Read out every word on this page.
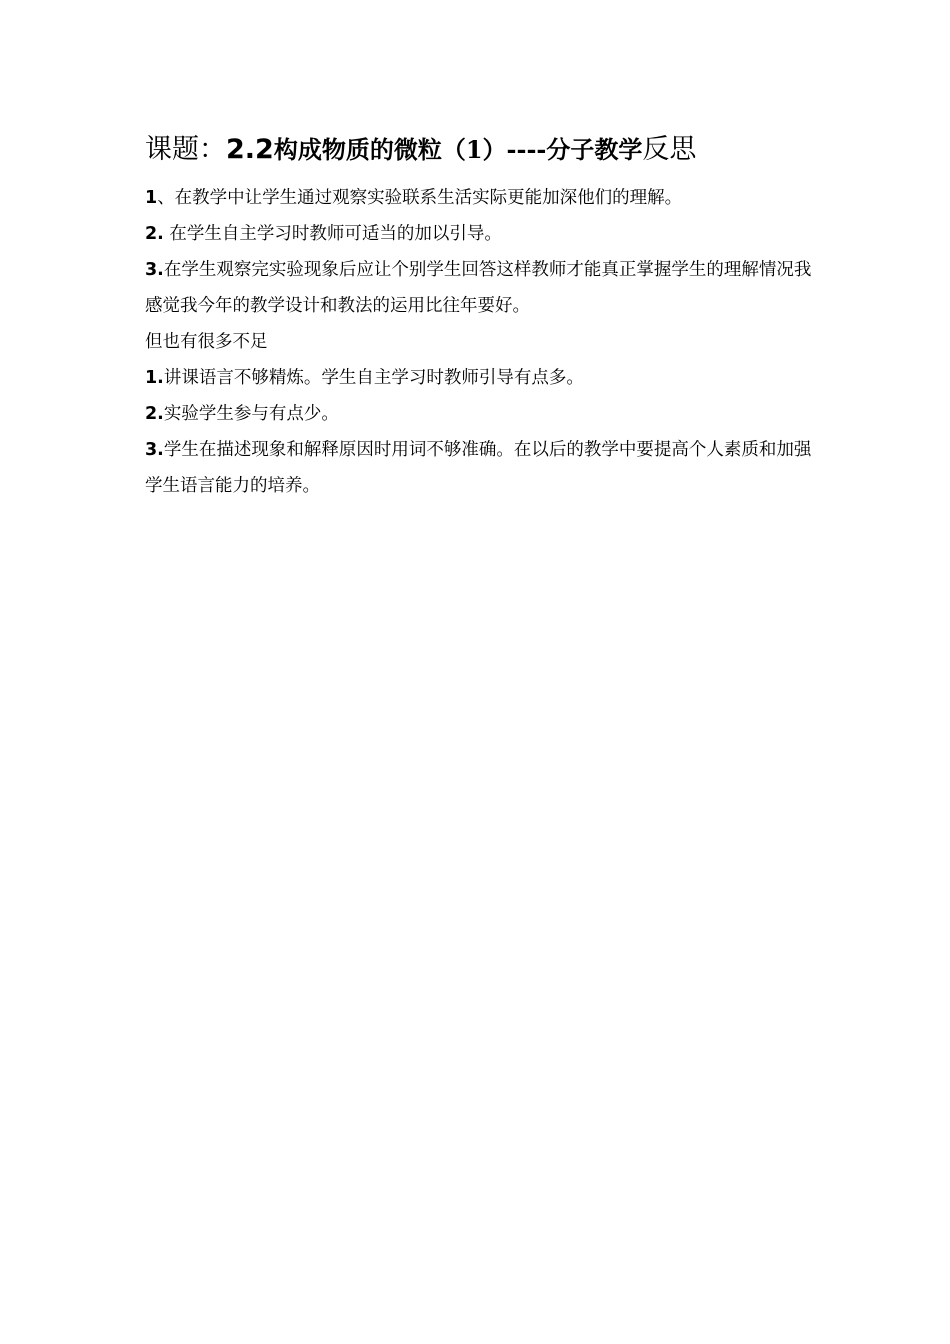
课题：2.2构成物质的微粒（1）----分子教学反思

1、在教学中让学生通过观察实验联系生活实际更能加深他们的理解。

2. 在学生自主学习时教师可适当的加以引导。

3.在学生观察完实验现象后应让个别学生回答这样教师才能真正掌握学生的理解情况我感觉我今年的教学设计和教法的运用比往年要好。

但也有很多不足

1.讲课语言不够精炼。学生自主学习时教师引导有点多。

2.实验学生参与有点少。

3.学生在描述现象和解释原因时用词不够准确。在以后的教学中要提高个人素质和加强学生语言能力的培养。
